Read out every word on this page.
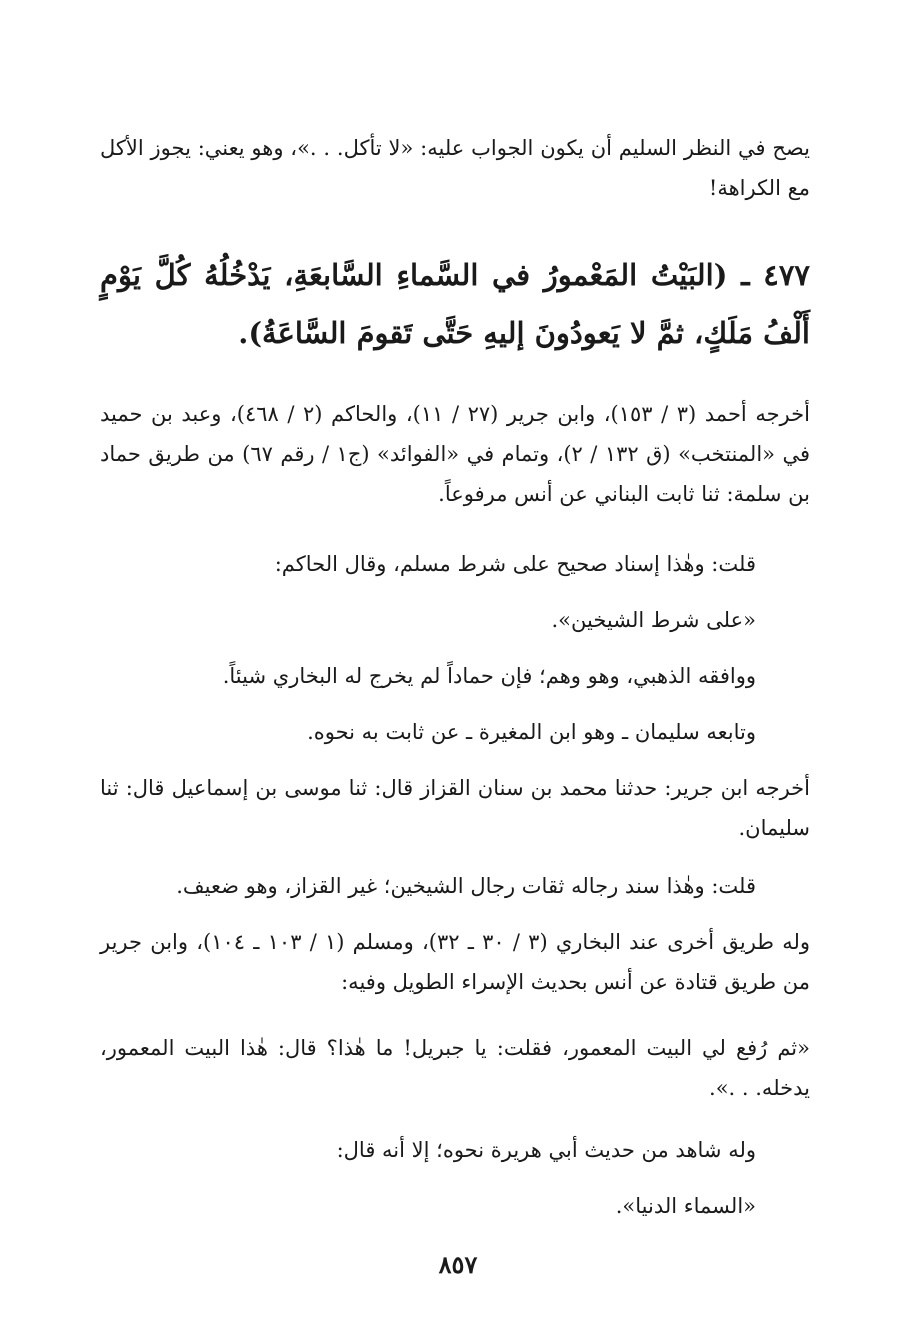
يصح في النظر السليم أن يكون الجواب عليه: «لا تأكل. . .»، وهو يعني: يجوز الأكل مع الكراهة!

٤٧٧ ـ (البَيْتُ المَعْمورُ في السَّماءِ السَّابعَةِ، يَدْخُلُهُ كُلَّ يَوْمٍ أَلْفُ مَلَكٍ، ثمَّ لا يَعودُونَ إليهِ حَتَّى تَقومَ السَّاعَةُ).

أخرجه أحمد (٣ / ١٥٣)، وابن جرير (٢٧ / ١١)، والحاكم (٢ / ٤٦٨)، وعبد بن حميد في «المنتخب» (ق ١٣٢ / ٢)، وتمام في «الفوائد» (ج١ / رقم ٦٧) من طريق حماد بن سلمة: ثنا ثابت البناني عن أنس مرفوعاً.

قلت: وهٰذا إسناد صحيح على شرط مسلم، وقال الحاكم:

«على شرط الشيخين».

ووافقه الذهبي، وهو وهم؛ فإن حماداً لم يخرج له البخاري شيئاً.

وتابعه سليمان ـ وهو ابن المغيرة ـ عن ثابت به نحوه.

أخرجه ابن جرير: حدثنا محمد بن سنان القزاز قال: ثنا موسى بن إسماعيل قال: ثنا سليمان.

قلت: وهٰذا سند رجاله ثقات رجال الشيخين؛ غير القزاز، وهو ضعيف.

وله طريق أخرى عند البخاري (٣ / ٣٠ ـ ٣٢)، ومسلم (١ / ١٠٣ ـ ١٠٤)، وابن جرير من طريق قتادة عن أنس بحديث الإسراء الطويل وفيه:

«ثم رُفع لي البيت المعمور، فقلت: يا جبريل! ما هٰذا؟ قال: هٰذا البيت المعمور، يدخله. . .».

وله شاهد من حديث أبي هريرة نحوه؛ إلا أنه قال:

«السماء الدنيا».

٨٥٧
